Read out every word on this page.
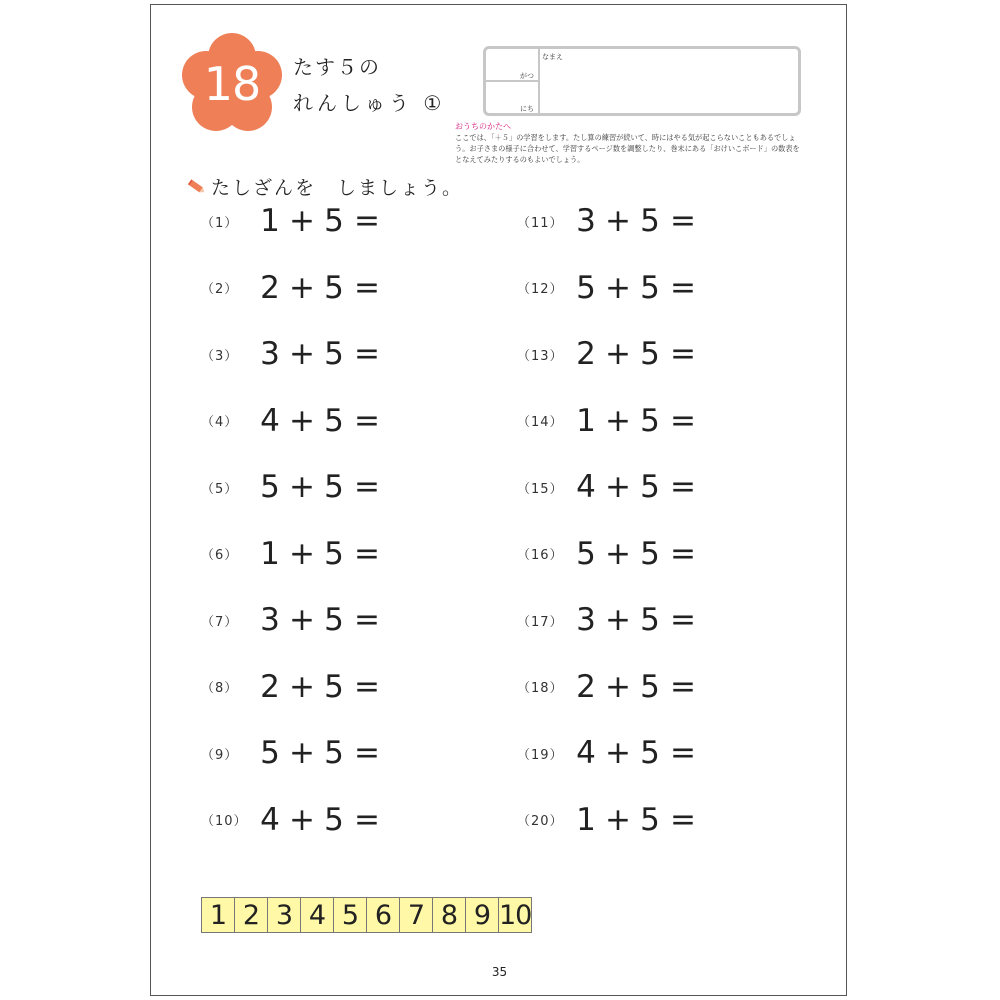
18	たす５の
れんしゅう ①
がつ
にち
なまえ
おうちのかたへ
ここでは、「＋５」の学習をします。たし算の練習が続いて、時にはやる気が起こらないこともあるでしょう。お子さまの様子に合わせて、学習するページ数を調整したり、巻末にある「おけいこボード」の数表をとなえてみたりするのもよいでしょう。
たしざんを　しましょう。
（1） 1 + 5 =
（2） 2 + 5 =
（3） 3 + 5 =
（4） 4 + 5 =
（5） 5 + 5 =
（6） 1 + 5 =
（7） 3 + 5 =
（8） 2 + 5 =
（9） 5 + 5 =
（10） 4 + 5 =
（11） 3 + 5 =
（12） 5 + 5 =
（13） 2 + 5 =
（14） 1 + 5 =
（15） 4 + 5 =
（16） 5 + 5 =
（17） 3 + 5 =
（18） 2 + 5 =
（19） 4 + 5 =
（20） 1 + 5 =
1 2 3 4 5 6 7 8 9 10
35
